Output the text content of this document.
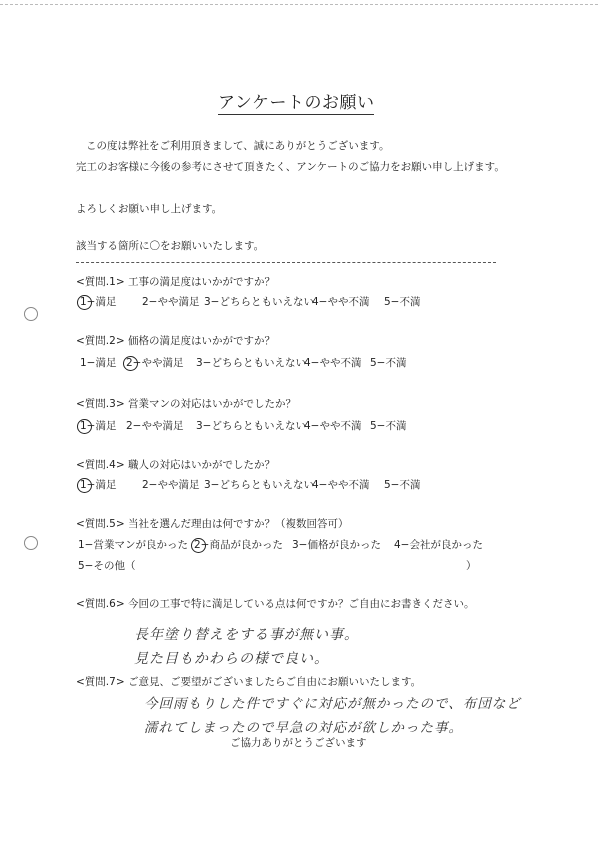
アンケートのお願い
この度は弊社をご利用頂きまして、誠にありがとうございます。
完工のお客様に今後の参考にさせて頂きたく、アンケートのご協力をお願い申し上げます。
よろしくお願い申し上げます。
該当する箇所に〇をお願いいたします。
<質問.1> 工事の満足度はいかがですか？
1−満足 2−やや満足 3−どちらともいえない
4−やや不満 5−不満
<質問.2> 価格の満足度はいかがですか？
1−満足 2−やや満足 3−どちらともいえない
4−やや不満 5−不満
<質問.3> 営業マンの対応はいかがでしたか？
1−満足 2−やや満足 3−どちらともいえない
4−やや不満 5−不満
<質問.4> 職人の対応はいかがでしたか？
1−満足 2−やや満足 3−どちらともいえない
4−やや不満 5−不満
<質問.5> 当社を選んだ理由は何ですか？（複数回答可）
1−営業マンが良かった 2−商品が良かった 3−価格が良かった 4−会社が良かった
5−その他（	）
<質問.6> 今回の工事で特に満足している点は何ですか？ご自由にお書きください。
長年塗り替えをする事が無い事。
見た目もかわらの様で良い。
<質問.7> ご意見、ご要望がございましたらご自由にお願いいたします。
今回雨もりした件ですぐに対応が無かったので、布団など
濡れてしまったので早急の対応が欲しかった事。
ご協力ありがとうございます
